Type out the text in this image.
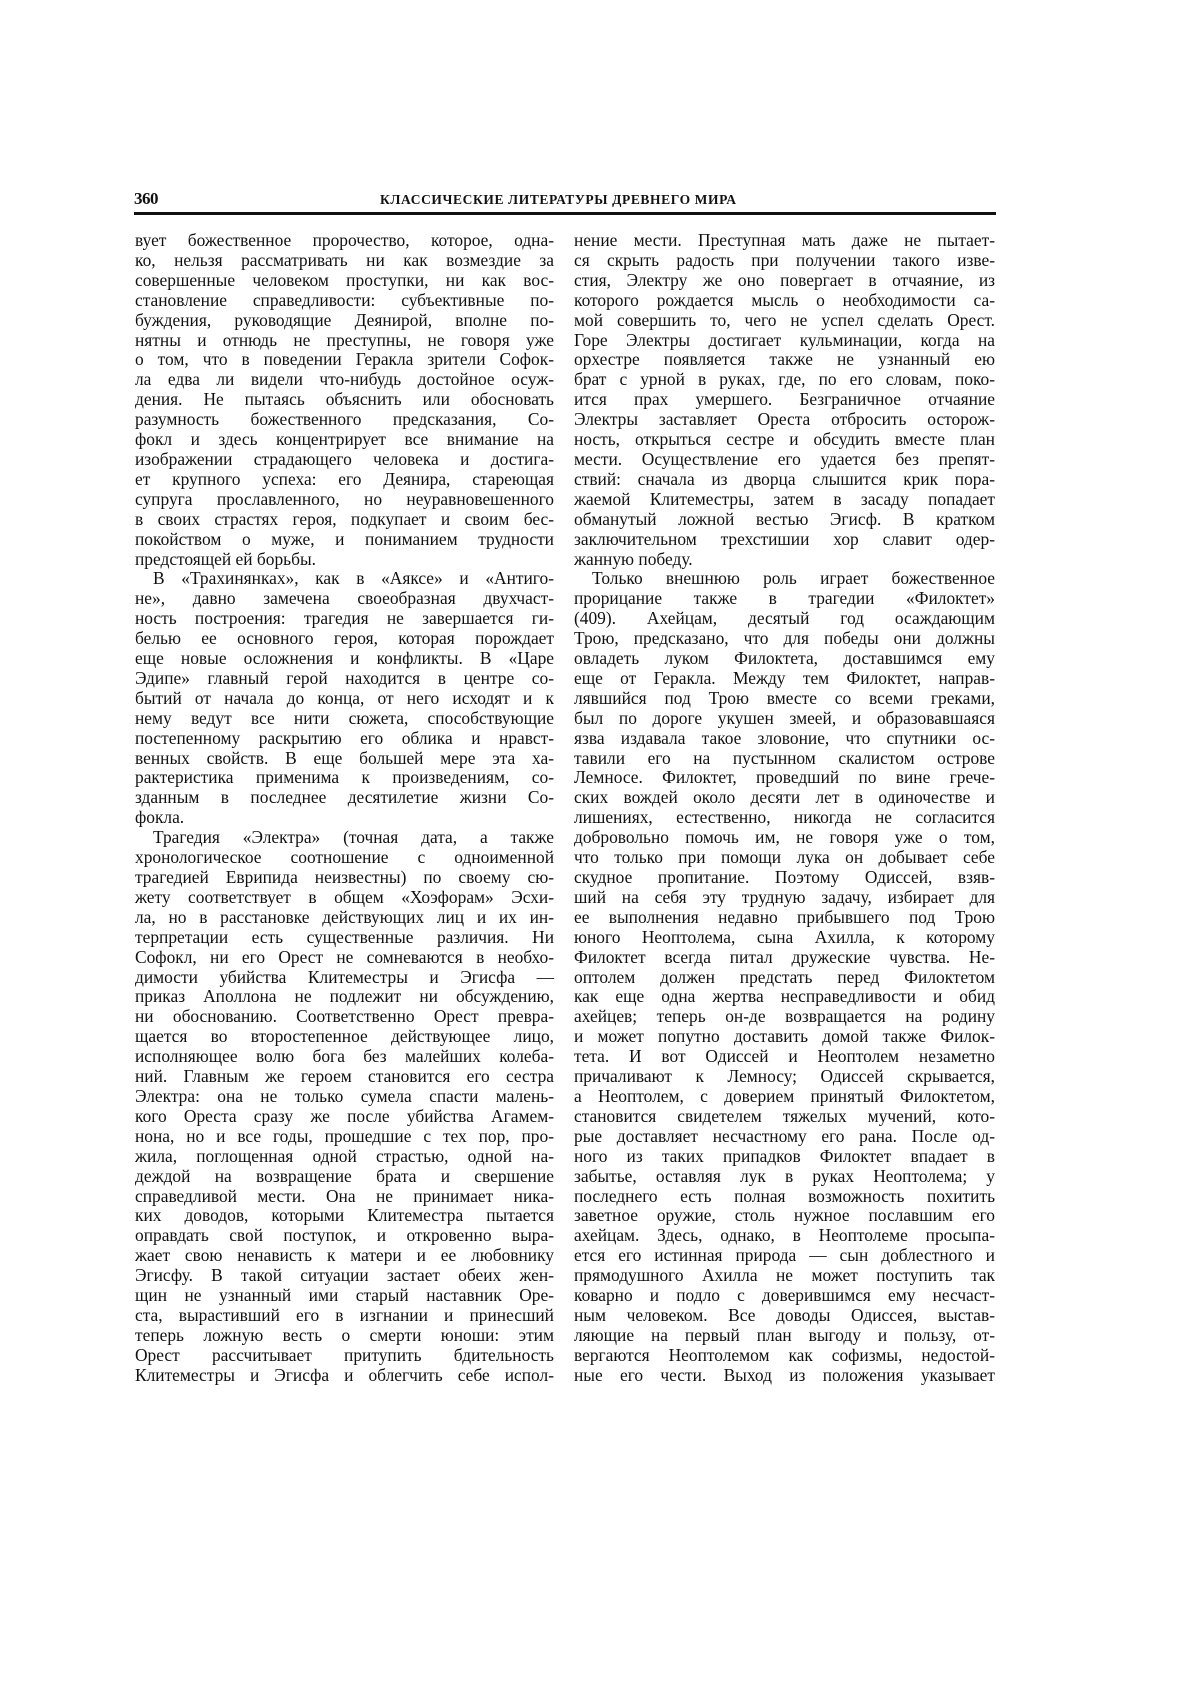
360	КЛАССИЧЕСКИЕ ЛИТЕРАТУРЫ ДРЕВНЕГО МИРА
вует божественное пророчество, которое, одна-
ко, нельзя рассматривать ни как возмездие за
совершенные человеком проступки, ни как вос-
становление справедливости: субъективные по-
буждения, руководящие Деянирой, вполне по-
нятны и отнюдь не преступны, не говоря уже
о том, что в поведении Геракла зрители Софок-
ла едва ли видели что-нибудь достойное осуж-
дения. Не пытаясь объяснить или обосновать
разумность божественного предсказания, Со-
фокл и здесь концентрирует все внимание на
изображении страдающего человека и достига-
ет крупного успеха: его Деянира, стареющая
супруга прославленного, но неуравновешенного
в своих страстях героя, подкупает и своим бес-
покойством о муже, и пониманием трудности
предстоящей ей борьбы.
В «Трахинянках», как в «Аяксе» и «Антиго-
не», давно замечена своеобразная двухчаст-
ность построения: трагедия не завершается ги-
белью ее основного героя, которая порождает
еще новые осложнения и конфликты. В «Царе
Эдипе» главный герой находится в центре со-
бытий от начала до конца, от него исходят и к
нему ведут все нити сюжета, способствующие
постепенному раскрытию его облика и нравст-
венных свойств. В еще большей мере эта ха-
рактеристика применима к произведениям, со-
зданным в последнее десятилетие жизни Со-
фокла.
Трагедия «Электра» (точная дата, а также
хронологическое соотношение с одноименной
трагедией Еврипида неизвестны) по своему сю-
жету соответствует в общем «Хоэфорам» Эсхи-
ла, но в расстановке действующих лиц и их ин-
терпретации есть существенные различия. Ни
Софокл, ни его Орест не сомневаются в необхо-
димости убийства Клитеместры и Эгисфа —
приказ Аполлона не подлежит ни обсуждению,
ни обоснованию. Соответственно Орест превра-
щается во второстепенное действующее лицо,
исполняющее волю бога без малейших колеба-
ний. Главным же героем становится его сестра
Электра: она не только сумела спасти малень-
кого Ореста сразу же после убийства Агамем-
нона, но и все годы, прошедшие с тех пор, про-
жила, поглощенная одной страстью, одной на-
деждой на возвращение брата и свершение
справедливой мести. Она не принимает ника-
ких доводов, которыми Клитеместра пытается
оправдать свой поступок, и откровенно выра-
жает свою ненависть к матери и ее любовнику
Эгисфу. В такой ситуации застает обеих жен-
щин не узнанный ими старый наставник Оре-
ста, вырастивший его в изгнании и принесший
теперь ложную весть о смерти юноши: этим
Орест рассчитывает притупить бдительность
Клитеместры и Эгисфа и облегчить себе испол-
нение мести. Преступная мать даже не пытает-
ся скрыть радость при получении такого изве-
стия, Электру же оно повергает в отчаяние, из
которого рождается мысль о необходимости са-
мой совершить то, чего не успел сделать Орест.
Горе Электры достигает кульминации, когда на
орхестре появляется также не узнанный ею
брат с урной в руках, где, по его словам, поко-
ится прах умершего. Безграничное отчаяние
Электры заставляет Ореста отбросить осторож-
ность, открыться сестре и обсудить вместе план
мести. Осуществление его удается без препят-
ствий: сначала из дворца слышится крик пора-
жаемой Клитеместры, затем в засаду попадает
обманутый ложной вестью Эгисф. В кратком
заключительном трехстишии хор славит одер-
жанную победу.
Только внешнюю роль играет божественное
прорицание также в трагедии «Филоктет»
(409). Ахейцам, десятый год осаждающим
Трою, предсказано, что для победы они должны
овладеть луком Филоктета, доставшимся ему
еще от Геракла. Между тем Филоктет, направ-
лявшийся под Трою вместе со всеми греками,
был по дороге укушен змеей, и образовавшаяся
язва издавала такое зловоние, что спутники ос-
тавили его на пустынном скалистом острове
Лемносе. Филоктет, проведший по вине грече-
ских вождей около десяти лет в одиночестве и
лишениях, естественно, никогда не согласится
добровольно помочь им, не говоря уже о том,
что только при помощи лука он добывает себе
скудное пропитание. Поэтому Одиссей, взяв-
ший на себя эту трудную задачу, избирает для
ее выполнения недавно прибывшего под Трою
юного Неоптолема, сына Ахилла, к которому
Филоктет всегда питал дружеские чувства. Не-
оптолем должен предстать перед Филоктетом
как еще одна жертва несправедливости и обид
ахейцев; теперь он-де возвращается на родину
и может попутно доставить домой также Филок-
тета. И вот Одиссей и Неоптолем незаметно
причаливают к Лемносу; Одиссей скрывается,
а Неоптолем, с доверием принятый Филоктетом,
становится свидетелем тяжелых мучений, кото-
рые доставляет несчастному его рана. После од-
ного из таких припадков Филоктет впадает в
забытье, оставляя лук в руках Неоптолема; у
последнего есть полная возможность похитить
заветное оружие, столь нужное пославшим его
ахейцам. Здесь, однако, в Неоптолеме просыпа-
ется его истинная природа — сын доблестного и
прямодушного Ахилла не может поступить так
коварно и подло с доверившимся ему несчаст-
ным человеком. Все доводы Одиссея, выстав-
ляющие на первый план выгоду и пользу, от-
вергаются Неоптолемом как софизмы, недостой-
ные его чести. Выход из положения указывает
